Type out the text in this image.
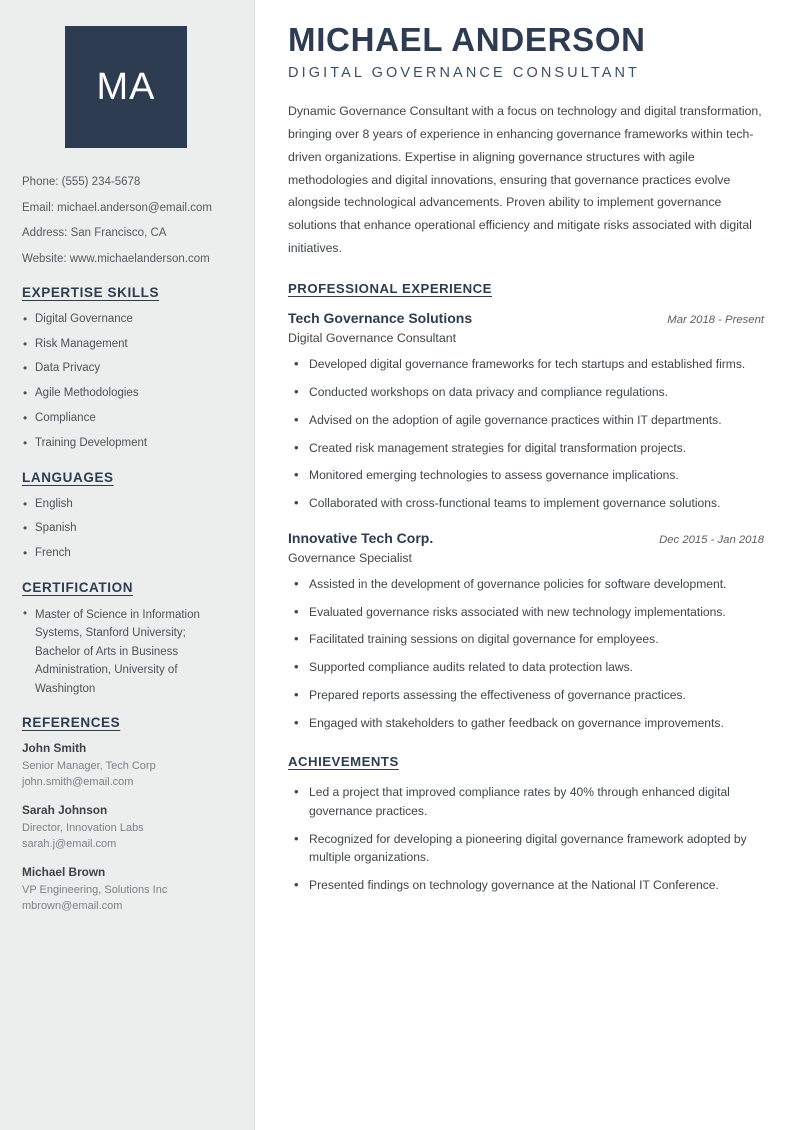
MA
Phone: (555) 234-5678
Email: michael.anderson@email.com
Address: San Francisco, CA
Website: www.michaelanderson.com
EXPERTISE SKILLS
• Digital Governance
• Risk Management
• Data Privacy
• Agile Methodologies
• Compliance
• Training Development
LANGUAGES
• English
• Spanish
• French
CERTIFICATION
• Master of Science in Information Systems, Stanford University; Bachelor of Arts in Business Administration, University of Washington
REFERENCES
John Smith
Senior Manager, Tech Corp
john.smith@email.com
Sarah Johnson
Director, Innovation Labs
sarah.j@email.com
Michael Brown
VP Engineering, Solutions Inc
mbrown@email.com
MICHAEL ANDERSON
DIGITAL GOVERNANCE CONSULTANT
Dynamic Governance Consultant with a focus on technology and digital transformation, bringing over 8 years of experience in enhancing governance frameworks within tech-driven organizations. Expertise in aligning governance structures with agile methodologies and digital innovations, ensuring that governance practices evolve alongside technological advancements. Proven ability to implement governance solutions that enhance operational efficiency and mitigate risks associated with digital initiatives.
PROFESSIONAL EXPERIENCE
Tech Governance Solutions	Mar 2018 - Present
Digital Governance Consultant
• Developed digital governance frameworks for tech startups and established firms.
• Conducted workshops on data privacy and compliance regulations.
• Advised on the adoption of agile governance practices within IT departments.
• Created risk management strategies for digital transformation projects.
• Monitored emerging technologies to assess governance implications.
• Collaborated with cross-functional teams to implement governance solutions.
Innovative Tech Corp.	Dec 2015 - Jan 2018
Governance Specialist
• Assisted in the development of governance policies for software development.
• Evaluated governance risks associated with new technology implementations.
• Facilitated training sessions on digital governance for employees.
• Supported compliance audits related to data protection laws.
• Prepared reports assessing the effectiveness of governance practices.
• Engaged with stakeholders to gather feedback on governance improvements.
ACHIEVEMENTS
• Led a project that improved compliance rates by 40% through enhanced digital governance practices.
• Recognized for developing a pioneering digital governance framework adopted by multiple organizations.
• Presented findings on technology governance at the National IT Conference.
